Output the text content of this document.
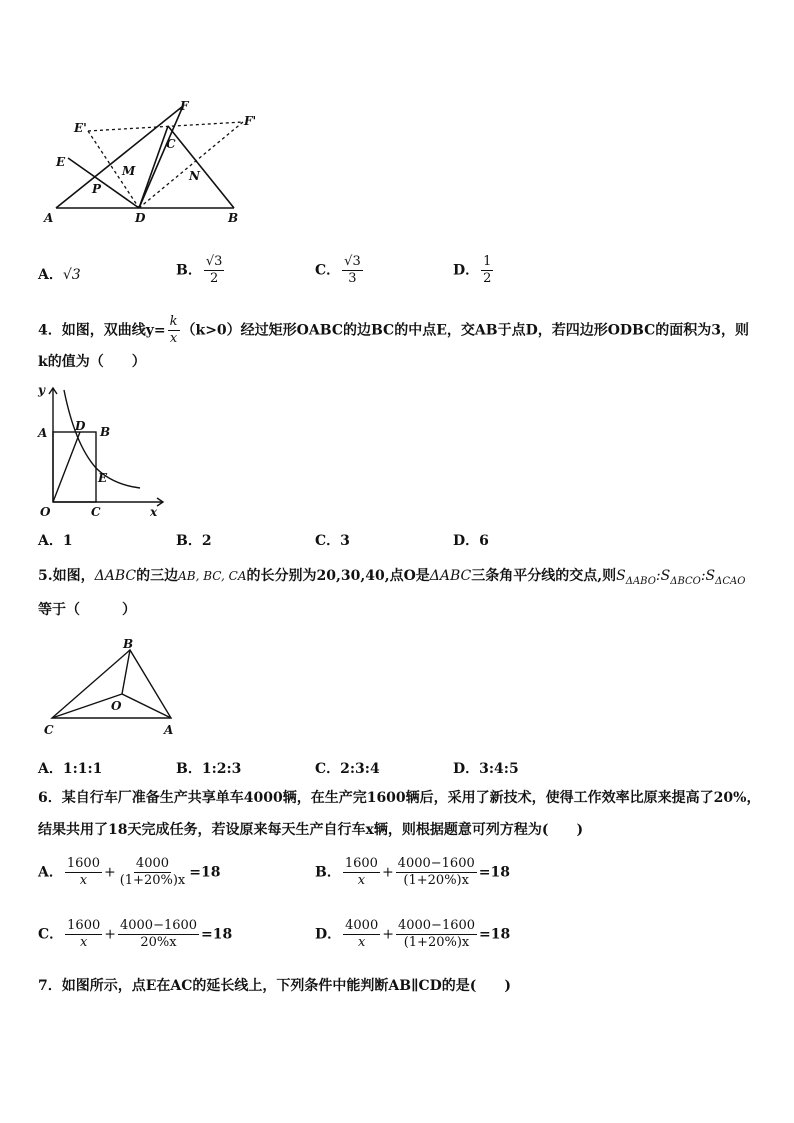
A	D	B
F
C
E'	F'
E
M	N
P
A．√3	B． $\frac{√3}{2}$	C． $\frac{√3}{3}$	D． $\frac{1}{2}$
4．如图，双曲线$y= \frac{k}{x} (k>0)$经过矩形OABC的边BC的中点E，交AB于点D，若四边形ODBC的面积为3，则
k的值为（　　）
y
x
O
A	B
C
D
E
A．1	B．2	C．3	D．6
5.如图，ΔABC的三边AB, BC, CA的长分别为20,30,40,点O是ΔABC三条角平分线的交点,则$S_{\Delta ABO}:S_{\Delta BCO}:S_{\Delta CAO}$
等于（　　　）
B
O
C	A
A．1:1:1	B．1:2:3	C．2:3:4	D．3:4:5
6．某自行车厂准备生产共享单车4000辆，在生产完1600辆后，采用了新技术，使得工作效率比原来提高了20%，
结果共用了18天完成任务，若设原来每天生产自行车x辆，则根据题意可列方程为(　　)
A． $\frac{1600}{x} + \frac{4000}{(1+20\%)x} =18$	B． $\frac{1600}{x} + \frac{4000-1600}{(1+20\%)x} =18$
C． $\frac{1600}{x} + \frac{4000-1600}{20\%x} =18$	D． $\frac{4000}{x} + \frac{4000-1600}{(1+20\%)x} =18$
7．如图所示，点E在AC的延长线上，下列条件中能判断AB∥CD的是(　　)
